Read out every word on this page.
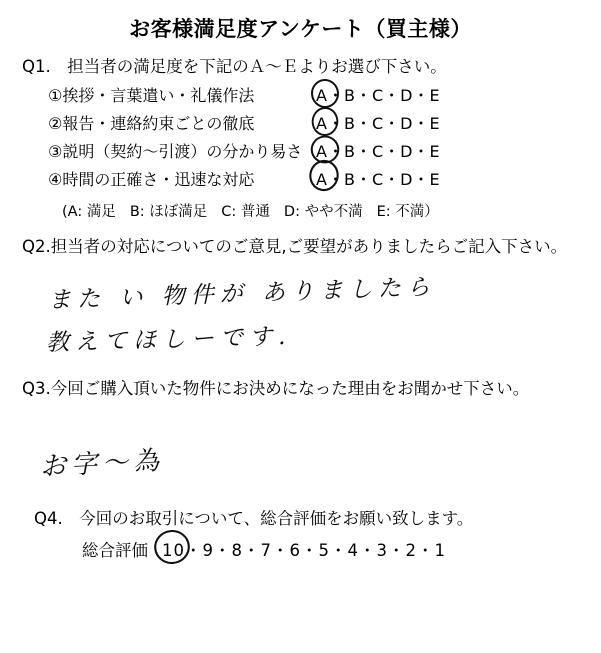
お客様満足度アンケート（買主様）
Q1.　担当者の満足度を下記のＡ～Ｅよりお選び下さい。
①挨拶・言葉遣い・礼儀作法	A・B・C・D・E
②報告・連絡約束ごとの徹底	A・B・C・D・E
③説明（契約～引渡）の分かり易さ A・B・C・D・E
④時間の正確さ・迅速な対応	A・B・C・D・E
(A: 満足 B: ほぼ満足 C: 普通 D: やや不満 E: 不満）
Q2.担当者の対応についてのご意見,ご要望がありましたらご記入下さい。
また い 物件が ありましたら
教えてほしーです.
Q3.今回ご購入頂いた物件にお決めになった理由をお聞かせ下さい。
お字～為
Q4.　今回のお取引について、総合評価をお願い致します。
総合評価 10・9・8・7・6・5・4・3・2・1
